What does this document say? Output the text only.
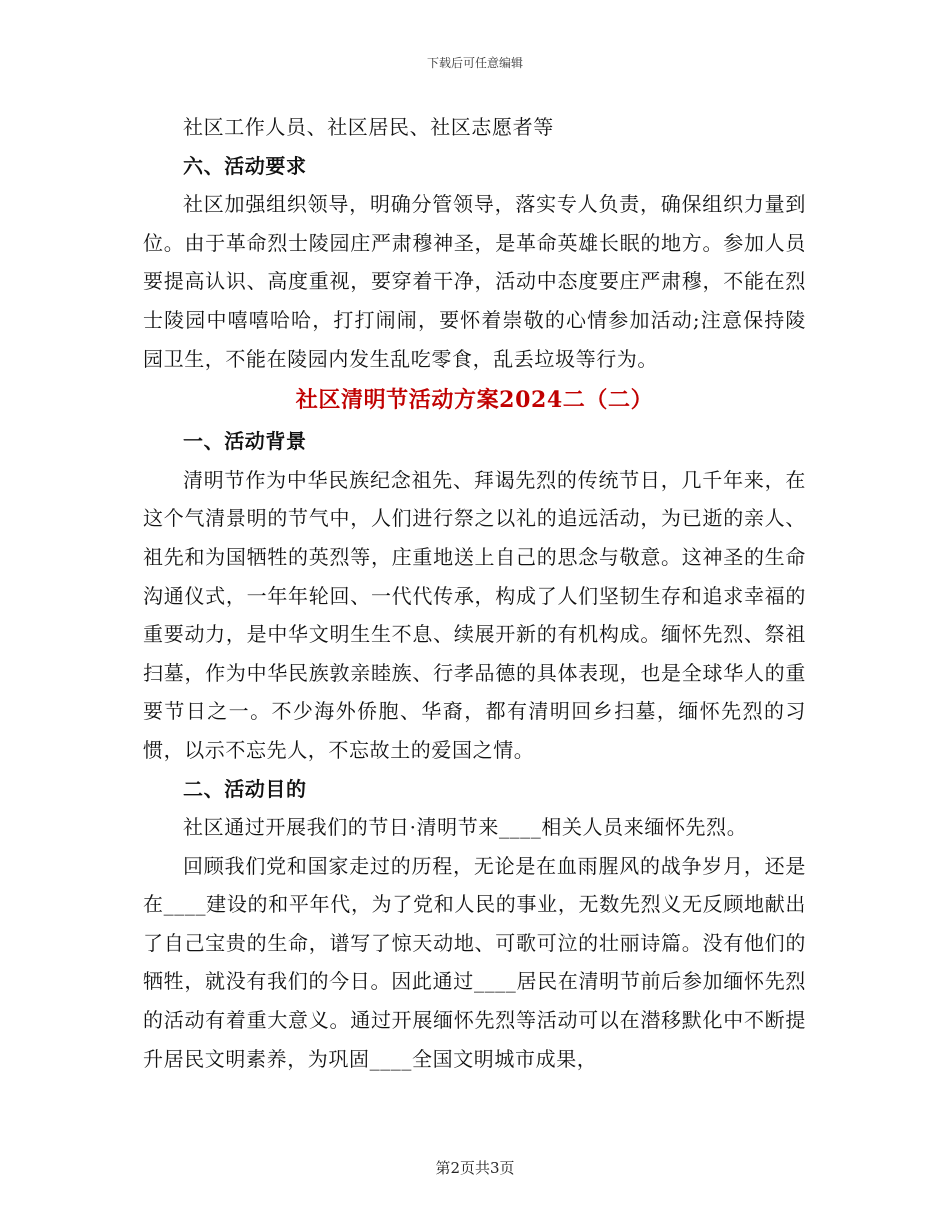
下载后可任意编辑

社区工作人员、社区居民、社区志愿者等

六、活动要求

社区加强组织领导，明确分管领导，落实专人负责，确保组织力量到位。由于革命烈士陵园庄严肃穆神圣，是革命英雄长眠的地方。参加人员要提高认识、高度重视，要穿着干净，活动中态度要庄严肃穆，不能在烈士陵园中嘻嘻哈哈，打打闹闹，要怀着崇敬的心情参加活动;注意保持陵园卫生，不能在陵园内发生乱吃零食，乱丢垃圾等行为。

社区清明节活动方案2024二（二）
一、活动背景

清明节作为中华民族纪念祖先、拜谒先烈的传统节日，几千年来，在这个气清景明的节气中，人们进行祭之以礼的追远活动，为已逝的亲人、祖先和为国牺牲的英烈等，庄重地送上自己的思念与敬意。这神圣的生命沟通仪式，一年年轮回、一代代传承，构成了人们坚韧生存和追求幸福的重要动力，是中华文明生生不息、续展开新的有机构成。缅怀先烈、祭祖扫墓，作为中华民族敦亲睦族、行孝品德的具体表现，也是全球华人的重要节日之一。不少海外侨胞、华裔，都有清明回乡扫墓，缅怀先烈的习惯，以示不忘先人，不忘故土的爱国之情。

二、活动目的

社区通过开展我们的节日·清明节来____相关人员来缅怀先烈。

回顾我们党和国家走过的历程，无论是在血雨腥风的战争岁月，还是在____建设的和平年代，为了党和人民的事业，无数先烈义无反顾地献出了自己宝贵的生命，谱写了惊天动地、可歌可泣的壮丽诗篇。没有他们的牺牲，就没有我们的今日。因此通过____居民在清明节前后参加缅怀先烈的活动有着重大意义。通过开展缅怀先烈等活动可以在潜移默化中不断提升居民文明素养，为巩固____全国文明城市成果，

第2页共3页
